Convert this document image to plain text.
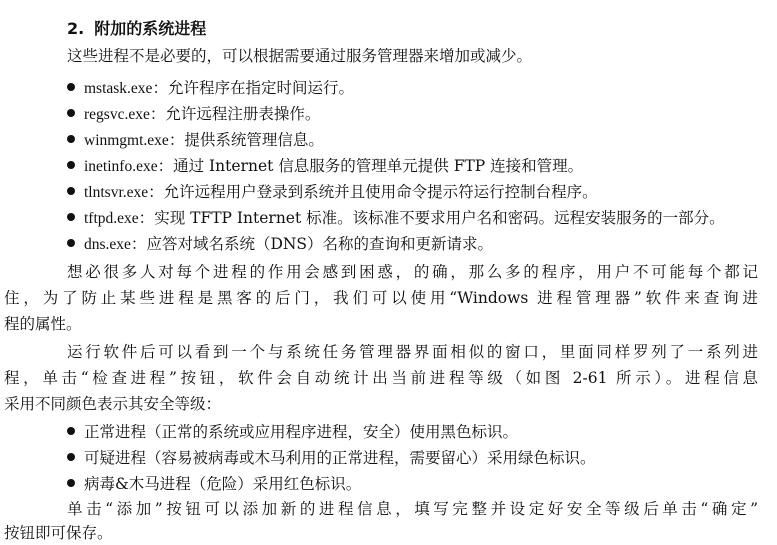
2. 附加的系统进程
这些进程不是必要的，可以根据需要通过服务管理器来增加或减少。
mstask.exe：允许程序在指定时间运行。
regsvc.exe：允许远程注册表操作。
winmgmt.exe：提供系统管理信息。
inetinfo.exe：通过 Internet 信息服务的管理单元提供 FTP 连接和管理。
tlntsvr.exe：允许远程用户登录到系统并且使用命令提示符运行控制台程序。
tftpd.exe：实现 TFTP Internet 标准。该标准不要求用户名和密码。远程安装服务的一部分。
dns.exe：应答对域名系统（DNS）名称的查询和更新请求。
想必很多人对每个进程的作用会感到困惑，的确，那么多的程序，用户不可能每个都记
住，为了防止某些进程是黑客的后门，我们可以使用“Windows 进程管理器”软件来查询进
程的属性。
运行软件后可以看到一个与系统任务管理器界面相似的窗口，里面同样罗列了一系列进
程，单击“检查进程”按钮，软件会自动统计出当前进程等级（如图 2-61 所示）。进程信息
采用不同颜色表示其安全等级：
正常进程（正常的系统或应用程序进程，安全）使用黑色标识。
可疑进程（容易被病毒或木马利用的正常进程，需要留心）采用绿色标识。
病毒&木马进程（危险）采用红色标识。
单击“添加”按钮可以添加新的进程信息，填写完整并设定好安全等级后单击“确定”
按钮即可保存。
